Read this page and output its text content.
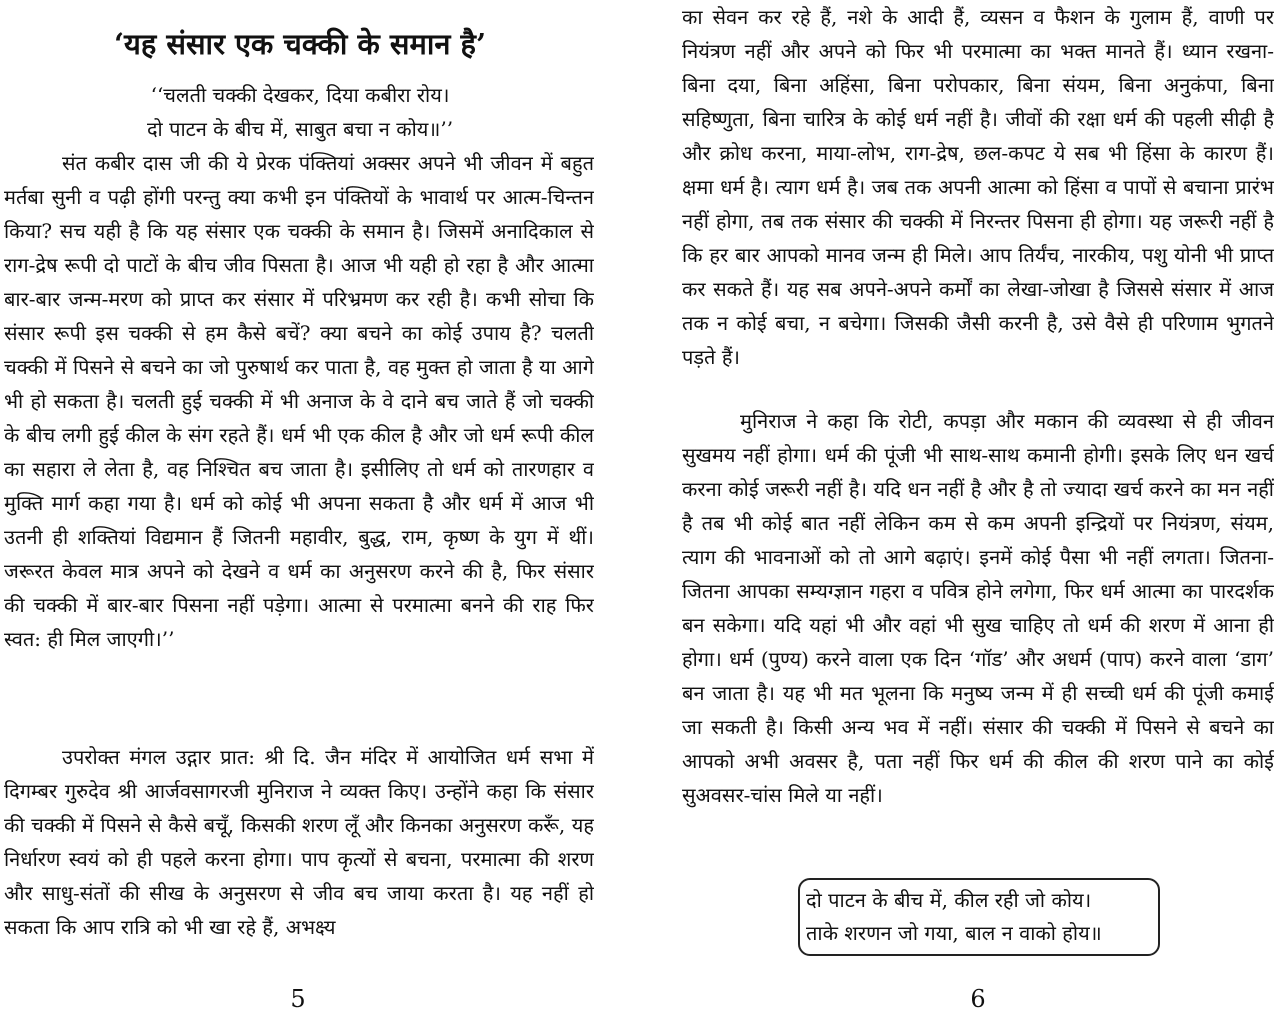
‘यह संसार एक चक्की के समान है’
‘‘चलती चक्की देखकर, दिया कबीरा रोय।
दो पाटन के बीच में, साबुत बचा न कोय॥’’

संत कबीर दास जी की ये प्रेरक पंक्तियां अक्सर अपने भी जीवन में बहुत मर्तबा सुनी व पढ़ी होंगी परन्तु क्या कभी इन पंक्तियों के भावार्थ पर आत्म-चिन्तन किया? सच यही है कि यह संसार एक चक्की के समान है। जिसमें अनादिकाल से राग-द्रेष रूपी दो पाटों के बीच जीव पिसता है। आज भी यही हो रहा है और आत्मा बार-बार जन्म-मरण को प्राप्त कर संसार में परिभ्रमण कर रही है। कभी सोचा कि संसार रूपी इस चक्की से हम कैसे बचें? क्या बचने का कोई उपाय है? चलती चक्की में पिसने से बचने का जो पुरुषार्थ कर पाता है, वह मुक्त हो जाता है या आगे भी हो सकता है। चलती हुई चक्की में भी अनाज के वे दाने बच जाते हैं जो चक्की के बीच लगी हुई कील के संग रहते हैं। धर्म भी एक कील है और जो धर्म रूपी कील का सहारा ले लेता है, वह निश्चित बच जाता है। इसीलिए तो धर्म को तारणहार व मुक्ति मार्ग कहा गया है। धर्म को कोई भी अपना सकता है और धर्म में आज भी उतनी ही शक्तियां विद्यमान हैं जितनी महावीर, बुद्ध, राम, कृष्ण के युग में थीं। जरूरत केवल मात्र अपने को देखने व धर्म का अनुसरण करने की है, फिर संसार की चक्की में बार-बार पिसना नहीं पड़ेगा। आत्मा से परमात्मा बनने की राह फिर स्वत: ही मिल जाएगी।’’

उपरोक्त मंगल उद्गार प्रात: श्री दि. जैन मंदिर में आयोजित धर्म सभा में दिगम्बर गुरुदेव श्री आर्जवसागरजी मुनिराज ने व्यक्त किए। उन्होंने कहा कि संसार की चक्की में पिसने से कैसे बचूँ, किसकी शरण लूँ और किनका अनुसरण करूँ, यह निर्धारण स्वयं को ही पहले करना होगा। पाप कृत्यों से बचना, परमात्मा की शरण और साधु-संतों की सीख के अनुसरण से जीव बच जाया करता है। यह नहीं हो सकता कि आप रात्रि को भी खा रहे हैं, अभक्ष्य

5

का सेवन कर रहे हैं, नशे के आदी हैं, व्यसन व फैशन के गुलाम हैं, वाणी पर नियंत्रण नहीं और अपने को फिर भी परमात्मा का भक्त मानते हैं। ध्यान रखना- बिना दया, बिना अहिंसा, बिना परोपकार, बिना संयम, बिना अनुकंपा, बिना सहिष्णुता, बिना चारित्र के कोई धर्म नहीं है। जीवों की रक्षा धर्म की पहली सीढ़ी है और क्रोध करना, माया-लोभ, राग-द्रेष, छल-कपट ये सब भी हिंसा के कारण हैं। क्षमा धर्म है। त्याग धर्म है। जब तक अपनी आत्मा को हिंसा व पापों से बचाना प्रारंभ नहीं होगा, तब तक संसार की चक्की में निरन्तर पिसना ही होगा। यह जरूरी नहीं है कि हर बार आपको मानव जन्म ही मिले। आप तिर्यंच, नारकीय, पशु योनी भी प्राप्त कर सकते हैं। यह सब अपने-अपने कर्मों का लेखा-जोखा है जिससे संसार में आज तक न कोई बचा, न बचेगा। जिसकी जैसी करनी है, उसे वैसे ही परिणाम भुगतने पड़ते हैं।

मुनिराज ने कहा कि रोटी, कपड़ा और मकान की व्यवस्था से ही जीवन सुखमय नहीं होगा। धर्म की पूंजी भी साथ-साथ कमानी होगी। इसके लिए धन खर्च करना कोई जरूरी नहीं है। यदि धन नहीं है और है तो ज्यादा खर्च करने का मन नहीं है तब भी कोई बात नहीं लेकिन कम से कम अपनी इन्द्रियों पर नियंत्रण, संयम, त्याग की भावनाओं को तो आगे बढ़ाएं। इनमें कोई पैसा भी नहीं लगता। जितना-जितना आपका सम्यग्ज्ञान गहरा व पवित्र होने लगेगा, फिर धर्म आत्मा का पारदर्शक बन सकेगा। यदि यहां भी और वहां भी सुख चाहिए तो धर्म की शरण में आना ही होगा। धर्म (पुण्य) करने वाला एक दिन ‘गॉड’ और अधर्म (पाप) करने वाला ‘डाग’ बन जाता है। यह भी मत भूलना कि मनुष्य जन्म में ही सच्ची धर्म की पूंजी कमाई जा सकती है। किसी अन्य भव में नहीं। संसार की चक्की में पिसने से बचने का आपको अभी अवसर है, पता नहीं फिर धर्म की कील की शरण पाने का कोई सुअवसर-चांस मिले या नहीं।

दो पाटन के बीच में, कील रही जो कोय।
ताके शरणन जो गया, बाल न वाको होय॥
6
